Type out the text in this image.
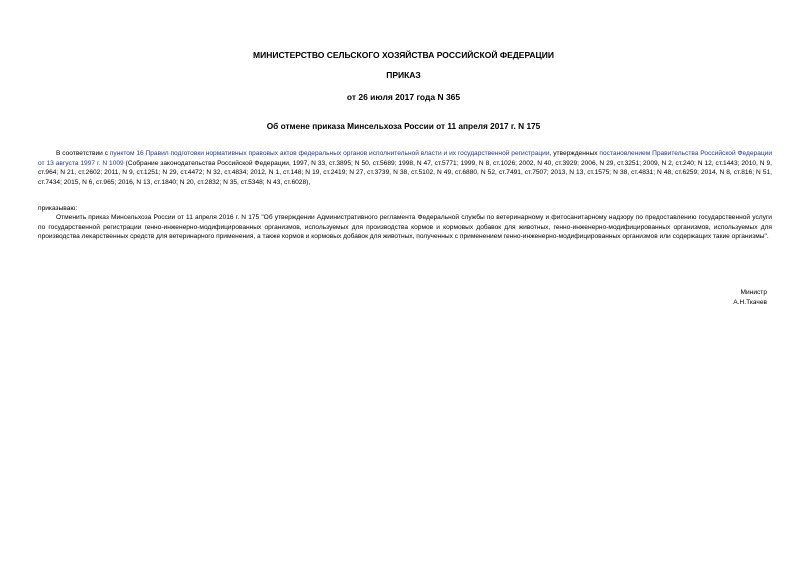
МИНИСТЕРСТВО СЕЛЬСКОГО ХОЗЯЙСТВА РОССИЙСКОЙ ФЕДЕРАЦИИ

ПРИКАЗ

от 26 июля 2017 года N 365

Об отмене приказа Минсельхоза России от 11 апреля 2017 г. N 175

В соответствии с пунктом 16 Правил подготовки нормативных правовых актов федеральных органов исполнительной власти и их государственной регистрации, утвержденных постановлением Правительства Российской Федерации от 13 августа 1997 г. N 1009 (Собрание законодательства Российской Федерации, 1997, N 33, ст.3895; N 50, ст.5689; 1998, N 47, ст.5771; 1999, N 8, ст.1026; 2002, N 40, ст.3929; 2006, N 29, ст.3251; 2009, N 2, ст.240; N 12, ст.1443; 2010, N 9, ст.964; N 21, ст.2602; 2011, N 9, ст.1251; N 29, ст.4472; N 32, ст.4834; 2012, N 1, ст.148; N 19, ст.2419; N 27, ст.3739, N 38, ст.5102, N 49, ст.6880, N 52, ст.7491, ст.7507; 2013, N 13, ст.1575; N 38, ст.4831; N 48, ст.6259; 2014, N 8, ст.816; N 51, ст.7434; 2015, N 6, ст.965; 2016, N 13, ст.1840; N 20, ст.2832; N 35, ст.5348; N 43, ст.6028),

приказываю:

Отменить приказ Минсельхоза России от 11 апреля 2016 г. N 175 "Об утверждении Административного регламента Федеральной службы по ветеринарному и фитосанитарному надзору по предоставлению государственной услуги по государственной регистрации генно-инженерно-модифицированных организмов, используемых для производства кормов и кормовых добавок для животных, генно-инженерно-модифицированных организмов, используемых для производства лекарственных средств для ветеринарного применения, а также кормов и кормовых добавок для животных, полученных с применением генно-инженерно-модифицированных организмов или содержащих такие организмы".

Министр

А.Н.Ткачев
